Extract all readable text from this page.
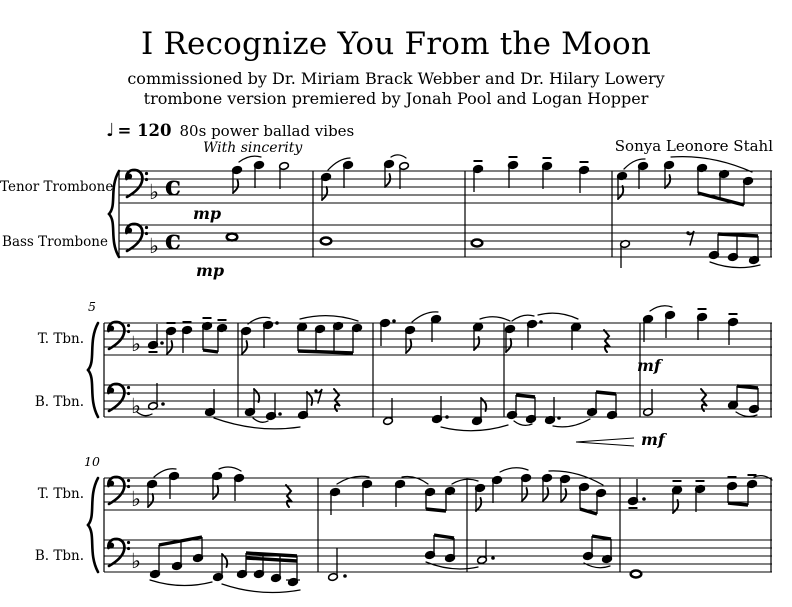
♭
♭
c
c
♭
♭
♭
♭
I Recognize You From the Moon
commissioned by Dr. Miriam Brack Webber and Dr. Hilary Lowery
trombone version premiered by Jonah Pool and Logan Hopper
♩ = 120 80s power ballad vibes
With sincerity	Sonya Leonore Stahl
Tenor Trombone
Bass Trombone
T. Tbn.
B. Tbn.
T. Tbn.
B. Tbn.
5
10
mp
mp
mf
mf
